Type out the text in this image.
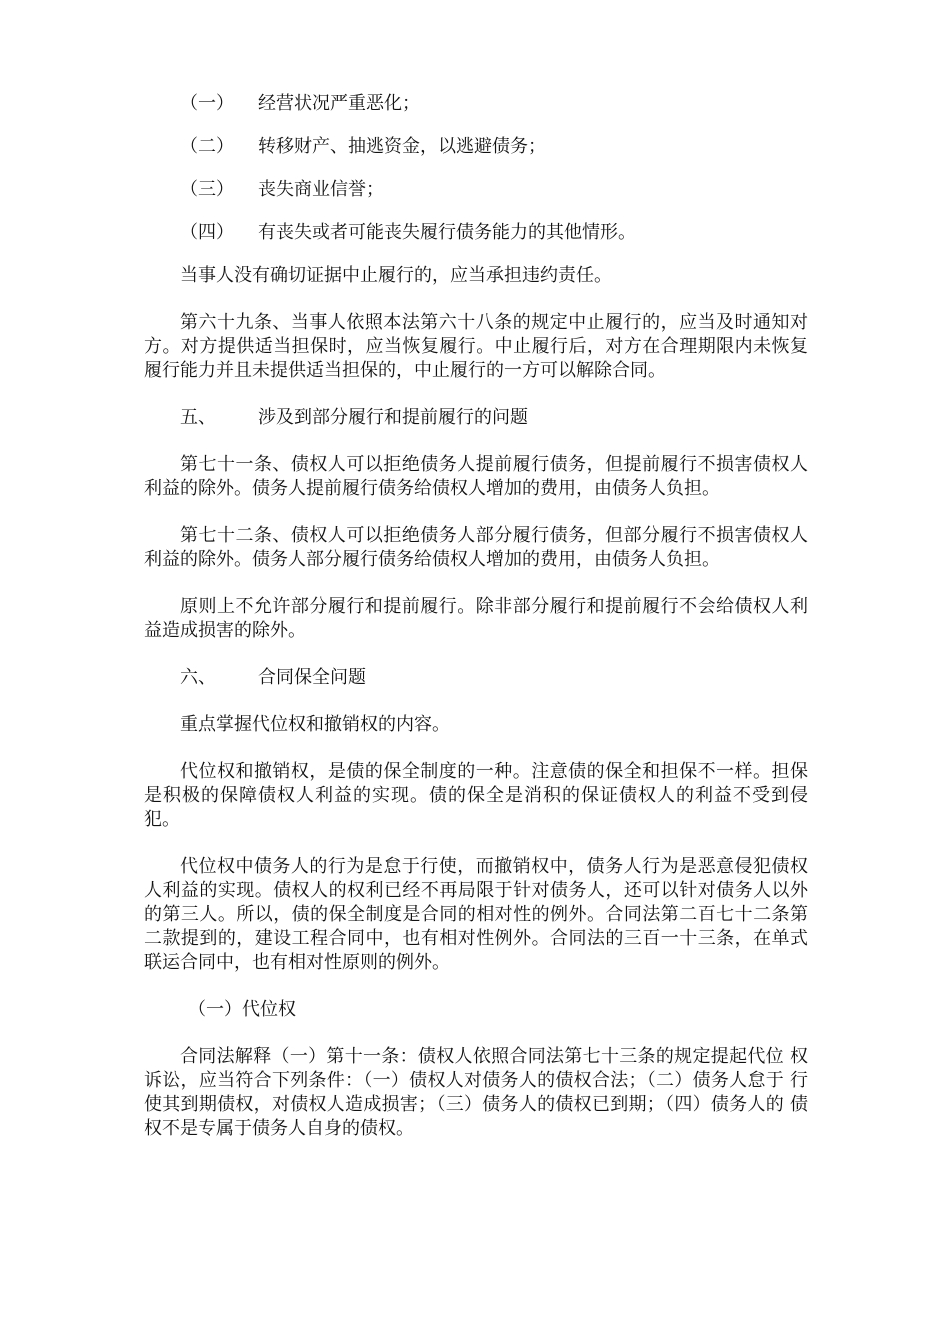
（一）	经营状况严重恶化；
（二）	转移财产、抽逃资金，以逃避债务；
（三）	丧失商业信誉；
（四）	有丧失或者可能丧失履行债务能力的其他情形。

当事人没有确切证据中止履行的，应当承担违约责任。

第六十九条、当事人依照本法第六十八条的规定中止履行的，应当及时通知对方。对方提供适当担保时，应当恢复履行。中止履行后，对方在合理期限内未恢复履行能力并且未提供适当担保的，中止履行的一方可以解除合同。

五、	涉及到部分履行和提前履行的问题

第七十一条、债权人可以拒绝债务人提前履行债务，但提前履行不损害债权人利益的除外。债务人提前履行债务给债权人增加的费用，由债务人负担。

第七十二条、债权人可以拒绝债务人部分履行债务，但部分履行不损害债权人利益的除外。债务人部分履行债务给债权人增加的费用，由债务人负担。

原则上不允许部分履行和提前履行。除非部分履行和提前履行不会给债权人利益造成损害的除外。

六、	合同保全问题

重点掌握代位权和撤销权的内容。

代位权和撤销权，是债的保全制度的一种。注意债的保全和担保不一样。担保是积极的保障债权人利益的实现。债的保全是消积的保证债权人的利益不受到侵犯。

代位权中债务人的行为是怠于行使，而撤销权中，债务人行为是恶意侵犯债权人利益的实现。债权人的权利已经不再局限于针对债务人，还可以针对债务人以外的第三人。所以，债的保全制度是合同的相对性的例外。合同法第二百七十二条第二款提到的，建设工程合同中，也有相对性例外。合同法的三百一十三条，在单式联运合同中，也有相对性原则的例外。

（一）代位权

合同法解释（一）第十一条：债权人依照合同法第七十三条的规定提起代位 权诉讼，应当符合下列条件：（一）债权人对债务人的债权合法；（二）债务人怠于 行使其到期债权，对债权人造成损害；（三）债务人的债权已到期；（四）债务人的 债权不是专属于债务人自身的债权。
